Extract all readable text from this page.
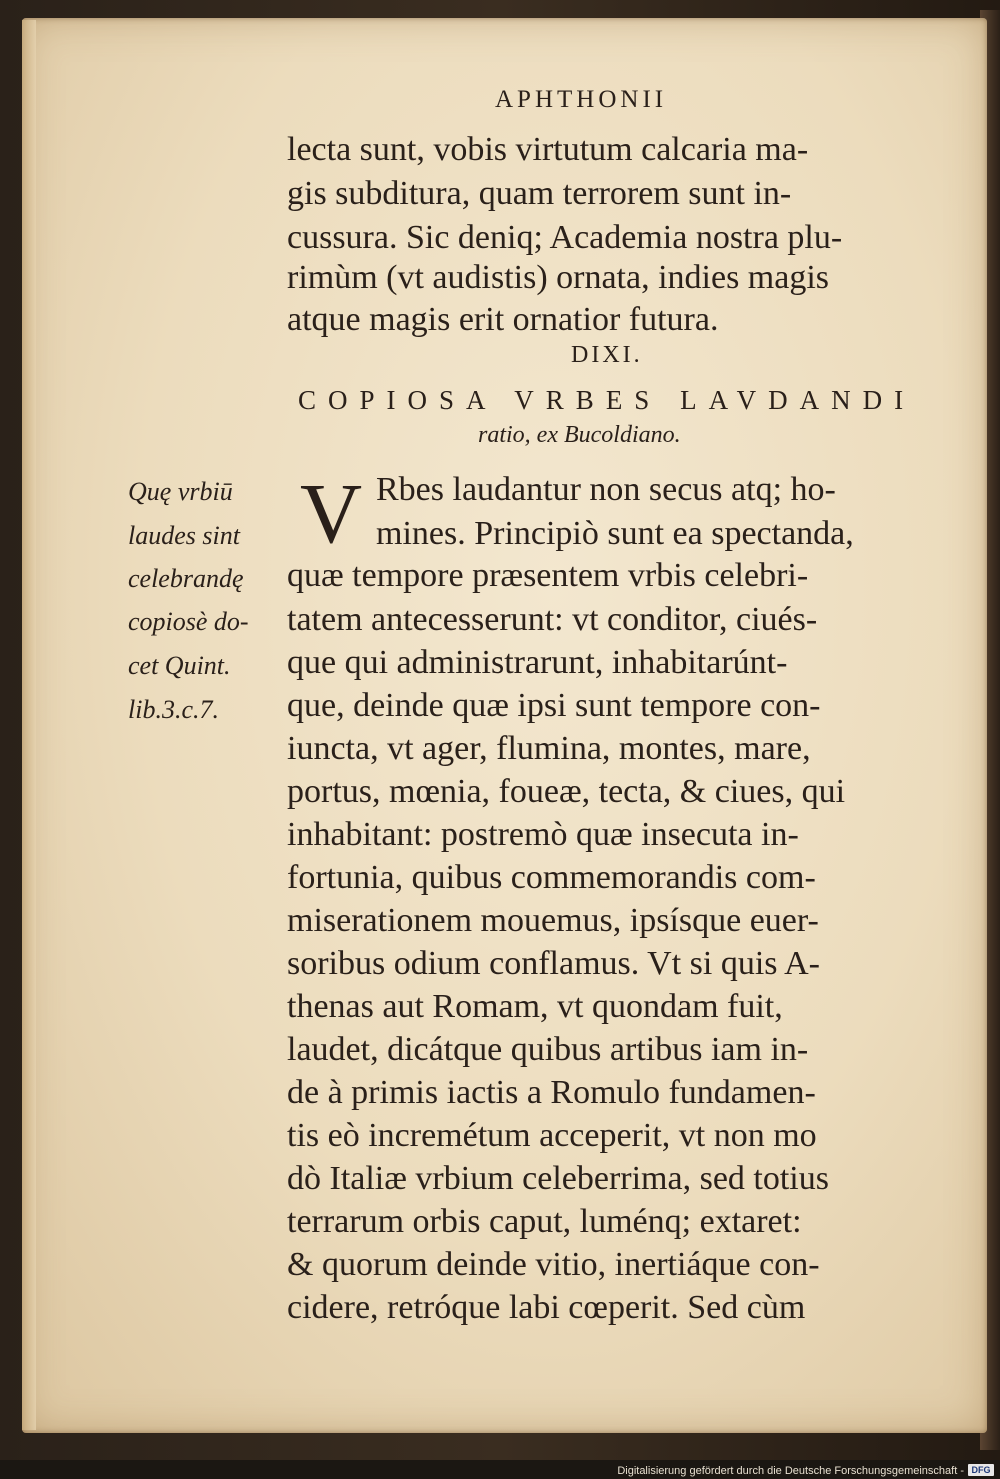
APHTHONII
lecta sunt, vobis virtutum calcaria ma-
gis subditura, quam terrorem sunt in-
cussura. Sic deniq; Academia nostra plu-
rimùm (vt audistis) ornata, indies magis
atque magis erit ornatior futura.
DIXI.
COPIOSA VRBES LAVDANDI
ratio, ex Bucoldiano.
V Rbes laudantur non secus atq; ho-
mines. Principiò sunt ea spectanda,
quæ tempore præsentem vrbis celebri-
tatem antecesserunt: vt conditor, ciués-
que qui administrarunt, inhabitarúnt-
que, deinde quæ ipsi sunt tempore con-
iuncta, vt ager, flumina, montes, mare,
portus, mœnia, foueæ, tecta, & ciues, qui
inhabitant: postremò quæ insecuta in-
fortunia, quibus commemorandis com-
miserationem mouemus, ipsísque euer-
soribus odium conflamus. Vt si quis A-
thenas aut Romam, vt quondam fuit,
laudet, dicátque quibus artibus iam in-
de à primis iactis a Romulo fundamen-
tis eò incremétum acceperit, vt non mo
dò Italiæ vrbium celeberrima, sed totius
terrarum orbis caput, luménq; extaret:
& quorum deinde vitio, inertiáque con-
cidere, retróque labi cœperit. Sed cùm
Quę vrbiū
laudes sint
celebrandę
copiosè do-
cet Quint.
lib.3.c.7.
Digitalisierung gefördert durch die Deutsche Forschungsgemeinschaft - DFG
